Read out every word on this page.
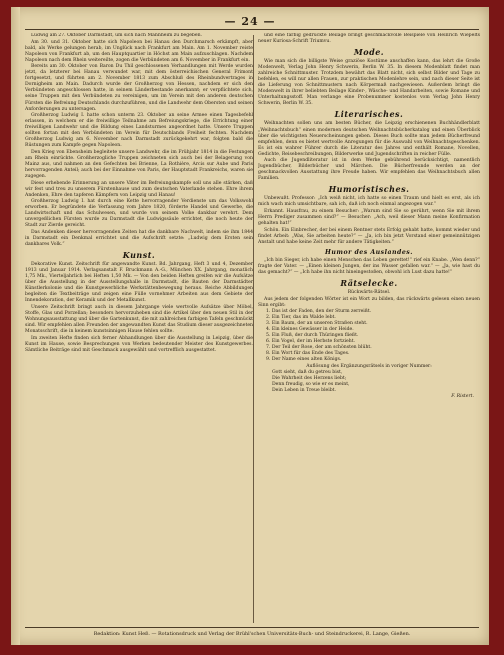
— 24 —

Ludwig am 27. Oktober Darmstadt, um sich nach Mannheim zu begeben.

Am 30. und 31. Oktober hatte sich Napoleon bei Hanau den Durchmarsch erkämpft, aber bald, als Werke gelungen herab, im Unglück nach Frankfurt am Main. Am 1. November reiste Napoleon von Frankfurt ab, um den Hauptquartier in Höchst am Main aufzuschlagen. Nachdem Napoleon nach dem Rhein weitereilte, zogen die Verbündeten am 6. November in Frankfurt ein.

Bereits am 30. Oktober von Baron Du Thil geschlossenen Verhandlungen mit Werde wurden jetzt, da letzterer bei Hanau verwundet war, mit dem österreichischen General Frimont fortgesetzt, und führten am 2. November 1813 zum Abschluß des Rheinbundvertrages in Dornigheim am Main. Dadurch wurde der Großherzog von Hessen, nachdem er sich den Verbündeten angeschlossen hatte, in seinem Länderbestande anerkannt; er verpflichtete sich, seine Truppen mit den Verbündeten zu vereinigen, um im Verein mit den anderen deutschen Fürsten die Befreiung Deutschlands durchzuführen, und die Landwehr dem Obersten und seinen Anforderungen zu untersagen.

Großherzog Ludwig I. hatte schon unterm 23. Oktober an seine Armee einen Tagesbefehl erlassen, in welchem er die freiwillige Teilnahme am Befreiungskriege, die Errichtung einer freiwilligen Landwehr und die Bildung eines Landsturmes angeordnet hatte. Unsere Truppen sollten fortan mit den Verbündeten im Verein für Deutschlands Freiheit fechten. Nachdem Großherzog Ludwig am 6. November nach Darmstadt zurückgekehrt war, folgten bald die Rüstungen zum Kampfe gegen Napoleon.

Den Krieg von Ebensheim begleitete unsere Landwehr, die im Frühjahr 1814 in die Festungen am Rhein einrückte. Großherzogliche Truppen zeichneten sich auch bei der Belagerung von Mainz aus, und nahmen an den Gefechten bei Brienne, La Rothière, Arcis sur Aube und Paris hervorragenden Anteil; auch bei der Einnahme von Paris, der Hauptstadt Frankreichs, waren sie zugegen.

Diese erhebende Erinnerung an unsere Väter im Befreiungskampfe soll uns alle stärken, daß wir fest und treu zu unserem Fürstenhause und zum deutschen Vaterlande stehen. Ehre ihrem Andenken, Ehre den tapferen Kämpfern von Leipzig und Hanau!

Großherzog Ludwig I. hat durch eine Kette hervorragender Verdienste um das Volkswohl erworben. Er begründete die Verfassung vom Jahre 1820, förderte Handel und Gewerbe, die Landwirtschaft und das Schulwesen, und wurde von seinem Volke dankbar verehrt. Dem unvergeßlichen Fürsten wurde zu Darmstadt die Ludwigssäule errichtet, die noch heute der Stadt zur Zierde gereicht.

Das Andenken dieser hervorragenden Zeiten hat die dankbare Nachwelt, indem sie ihm 1844 in Darmstadt ein Denkmal errichtet und die Aufschrift setzte: „Ludwig dem Ersten sein dankbares Volk.“

Kunst.

Dekorative Kunst. Zeitschrift für angewandte Kunst. Bd. Jahrgang, Heft 3 und 4, Dezember 1913 und Januar 1914. Verlagsanstalt F. Bruckmann A.-G., München XX. Jahrgang, monatlich 1,75 Mk., Vierteljahrlich bei Heften 1,50 Mk. — Von den beiden Heften greifen wir die Aufsätze über die Ausstellung in der Ausstellungshalle in Darmstadt, die Bauten der Darmstädter Künstlerkolonie und die Kunstgewerbliche Werkstättenbewegung heraus. Reiche Abbildungen begleiten die Textbeiträge und zeigen eine Fülle vornehmer Arbeiten aus dem Gebiete der Innendekoration, der Keramik und der Metallkunst.

Unsere Zeitschrift bringt auch in diesem Jahrgange viele wertvolle Aufsätze über Möbel, Stoffe, Glas und Porzellan; besonders hervorzuheben sind die Artikel über den neuen Stil in der Wohnungsausstattung und über die Gartenkunst, die mit zahlreichen farbigen Tafeln geschmückt sind. Wir empfehlen allen Freunden der angewandten Kunst das Studium dieser ausgezeichneten Monatsschrift, die in keinem kunstsinnigen Hause fehlen sollte.

Im zweiten Hefte finden sich ferner Abhandlungen über die Ausstellung in Leipzig, über die Kunst im Hause, sowie Besprechungen von Werken bedeutender Meister des Kunstgewerbes. Sämtliche Beiträge sind mit Geschmack ausgewählt und vortrefflich ausgestattet.

und eine farbig gedruckte Beilage bringt geschmackvolle Beispiele von Heinrich Wiepelts neuer Kuriosa-Schrift Triumvu.

Mode.

Wie man sich die billigste Weise graziöse Kostüme anschaffen kann, das lehrt die Große Modenwelt, Verlag John Henry Schwerin, Berlin W. 35. In diesem Modenblatt findet man zahlreiche Schnittmuster. Trotzdem bewährt das Blatt nicht, sich selbst Bilder und Tage zu befehlen, es will nur allen Frauen, zur praktischen Modenlehre sein, und nach dieser Seite ist die Lieferung von Schnittmustern nach Körpermaß nachgewiesen. Außerdem bringt die Modenwelt in ihrer beliebten Beilage Kinder-, Wäsche- und Handarbeiten, sowie Romane und Unterhaltungsstoff. Man verlange eine Probenummer kostenlos vom Verlag John Henry Schwerin, Berlin W. 35.

Literarisches.

Weihnachten sollen uns am besten Bücher, die Leipzig erschienenen Buchhändlerblatt „Weihnachtsbuch“ einen modernen deutschen Weihnachtsbücherkatalog und einen Überblick über die wichtigsten Neuerscheinungen geben. Dieses Buch sollte man jedem Bücherfreund empfehlen, denn es bietet wertvolle Anregungen für die Auswahl von Weihnachtsgeschenken. Es ist ein wahrer Führer durch die Literatur des Jahres und enthält Romane, Novellen, Gedichte, Reisebeschreibungen, Bilderwerke und Jugendschriften in reicher Fülle.

Auch die Jugendliteratur ist in dem Werke gebührend berücksichtigt, namentlich Jugendbücher, Bilderbücher und Märchen. Die Bücherfreunde werden an der geschmackvollen Ausstattung ihre Freude haben. Wir empfehlen das Weihnachtsbuch allen Familien.

Humoristisches.

Unbewußt. Professor: „Ich weiß nicht, ich hatte so einen Traum und hielt es erst, als ich mich wach mich umsichtbare, sah ich, daß ich noch einmal angezogen war.“

Erkannt. Hausfrau, zu einem Besucher: „Warum sind Sie so gerührt, wenn Sie mit ihrem Herrn Prediger zusammen sind?“ — Besucher: „Ach, weil dieser Mann meine Konfirmation gehalten hat!“

Schön. Ein Einbrecher, der bei einem Rentner stets Erfolg gehabt hatte, kommt wieder und findet Arbeit: „Was, Sie arbeiten heute?“ — „Ja, ich bin jetzt Vorstand einer gemeinnützigen Anstalt und habe keine Zeit mehr für andere Tätigkeiten.“

Humor des Auslandes.

„Ich bin Sieger, ich habe einen Menschen das Leben gerettet!“ rief ein Knabe. „Wen denn?“ fragte der Vater. — „Einen kleinen Jungen, der ins Wasser gefallen war.“ — „Ja, wie hast du das gemacht?“ — „Ich habe ihn nicht hineingestoßen, obwohl ich Lust dazu hatte!“

Rätselecke.

Rückwärts-Rätsel.

Aus jedem der folgenden Wörter ist ein Wort zu bilden, das rückwärts gelesen einen neuen Sinn ergibt:

1. Das ist der Faden, den der Sturm zerreißt.

2. Ein Tier, das im Walde lebt.

3. Ein Baum, der an unseren Straßen steht.

4. Ein kleines Gewässer in der Heide.

5. Ein Fluß, der durch Thüringen fließt.

6. Ein Vogel, der im Herbste fortzieht.

7. Der Teil der Rose, der am schönsten blüht.

8. Ein Wort für das Ende des Tages.

9. Der Name eines alten Königs.

Auflösung des Ergänzungsrätsels in voriger Nummer:

Gott sieht, daß du getreu bist,

Die Wahrheit des Herzens liebt;

Denn freudig, so wie er es meint,

Dein Leben in Treue bleibt.

F. Ristert.

Redaktion: Kunst Heß. — Rotationsdruck und Verlag der Brühl'schen Universitäts-Buch- und Steindruckerei, R. Lange, Gießen.
